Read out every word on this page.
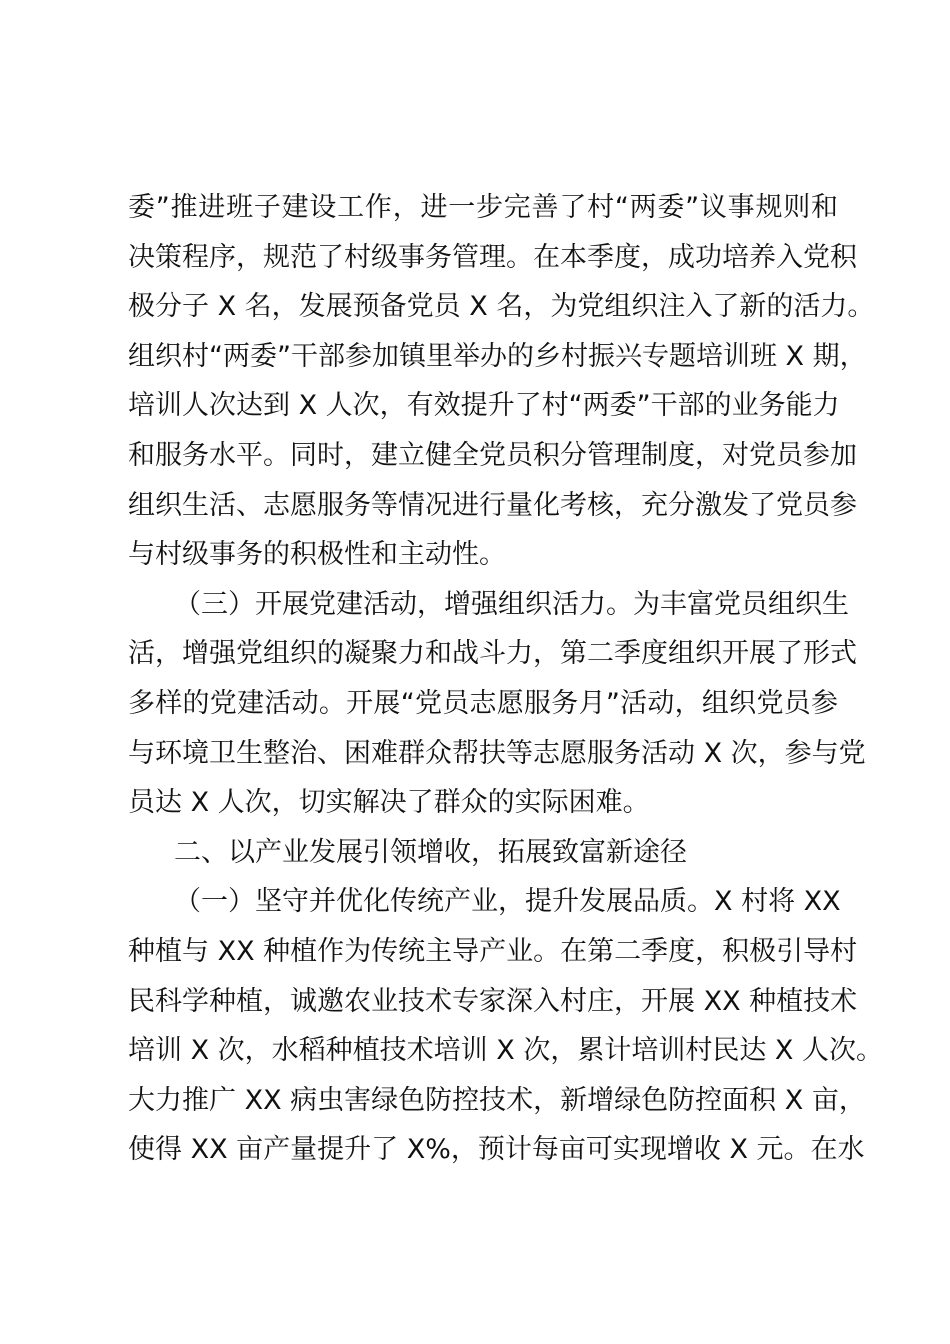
委”推进班子建设工作，进一步完善了村“两委”议事规则和
决策程序，规范了村级事务管理。在本季度，成功培养入党积
极分子 X 名，发展预备党员 X 名，为党组织注入了新的活力。
组织村“两委”干部参加镇里举办的乡村振兴专题培训班 X 期，
培训人次达到 X 人次，有效提升了村“两委”干部的业务能力
和服务水平。同时，建立健全党员积分管理制度，对党员参加
组织生活、志愿服务等情况进行量化考核，充分激发了党员参
与村级事务的积极性和主动性。
（三）开展党建活动，增强组织活力。为丰富党员组织生
活，增强党组织的凝聚力和战斗力，第二季度组织开展了形式
多样的党建活动。开展“党员志愿服务月”活动，组织党员参
与环境卫生整治、困难群众帮扶等志愿服务活动 X 次，参与党
员达 X 人次，切实解决了群众的实际困难。
二、以产业发展引领增收，拓展致富新途径
（一）坚守并优化传统产业，提升发展品质。X 村将 XX
种植与 XX 种植作为传统主导产业。在第二季度，积极引导村
民科学种植，诚邀农业技术专家深入村庄，开展 XX 种植技术
培训 X 次，水稻种植技术培训 X 次，累计培训村民达 X 人次。
大力推广 XX 病虫害绿色防控技术，新增绿色防控面积 X 亩，
使得 XX 亩产量提升了 X%，预计每亩可实现增收 X 元。在水
